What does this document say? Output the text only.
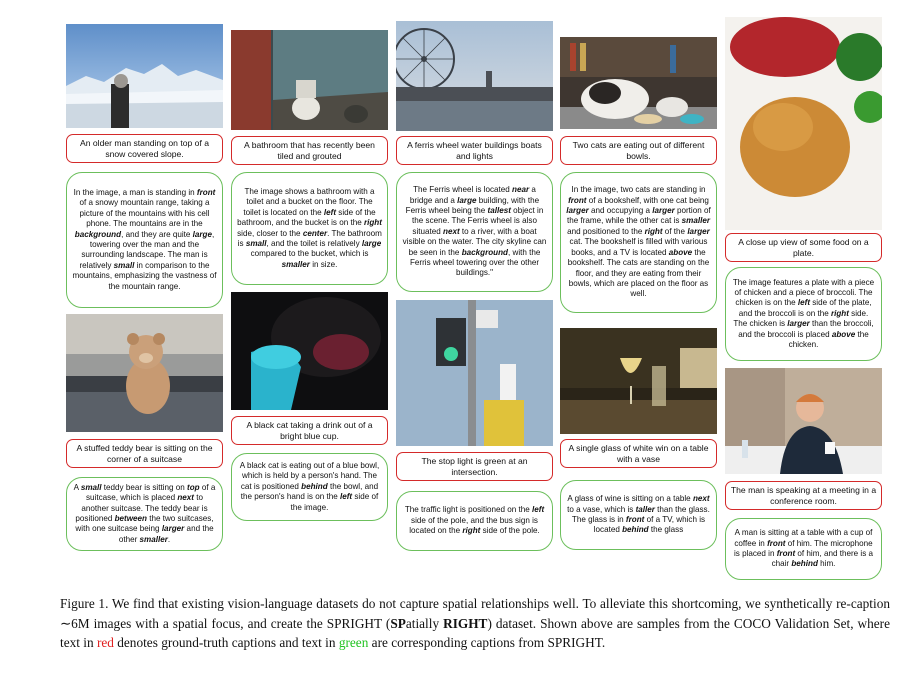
An older man standing on top of a snow covered slope.
In the image, a man is standing in front of a snowy mountain range, taking a picture of the mountains with his cell phone. The mountains are in the background, and they are quite large, towering over the man and the surrounding landscape. The man is relatively small in comparison to the mountains, emphasizing the vastness of the mountain range.
A stuffed teddy bear is sitting on the corner of a suitcase
A small teddy bear is sitting on top of a suitcase, which is placed next to another suitcase. The teddy bear is positioned between the two suitcases, with one suitcase being larger and the other smaller.
A bathroom that has recently been tiled and grouted
The image shows a bathroom with a toilet and a bucket on the floor. The toilet is located on the left side of the bathroom, and the bucket is on the right side, closer to the center. The bathroom is small, and the toilet is relatively large compared to the bucket, which is smaller in size.
A black cat taking a drink out of a bright blue cup.
A black cat is eating out of a blue bowl, which is held by a person's hand. The cat is positioned behind the bowl, and the person's hand is on the left side of the image.
A ferris wheel water buildings boats and lights
The Ferris wheel is located near a bridge and a large building, with the Ferris wheel being the tallest object in the scene. The Ferris wheel is also situated next to a river, with a boat visible on the water. The city skyline can be seen in the background, with the Ferris wheel towering over the other buildings."
The stop light is green at an intersection.
The traffic light is positioned on the left side of the pole, and the bus sign is located on the right side of the pole.
Two cats are eating out of different bowls.
In the image, two cats are standing in front of a bookshelf, with one cat being larger and occupying a larger portion of the frame, while the other cat is smaller and positioned to the right of the larger cat. The bookshelf is filled with various books, and a TV is located above the bookshelf. The cats are standing on the floor, and they are eating from their bowls, which are placed on the floor as well.
A single glass of white win on a table with a vase
A glass of wine is sitting on a table next to a vase, which is taller than the glass. The glass is in front of a TV, which is located behind the glass
A close up view of some food on a plate.
The image features a plate with a piece of chicken and a piece of broccoli. The chicken is on the left side of the plate, and the broccoli is on the right side. The chicken is larger than the broccoli, and the broccoli is placed above the chicken.
The man is speaking at a meeting in a conference room.
A man is sitting at a table with a cup of coffee in front of him. The microphone is placed in front of him, and there is a chair behind him.
Figure 1. We find that existing vision-language datasets do not capture spatial relationships well. To alleviate this shortcoming, we synthetically re-caption ∼6M images with a spatial focus, and create the SPRIGHT (SPatially RIGHT) dataset. Shown above are samples from the COCO Validation Set, where text in red denotes ground-truth captions and text in green are corresponding captions from SPRIGHT.
